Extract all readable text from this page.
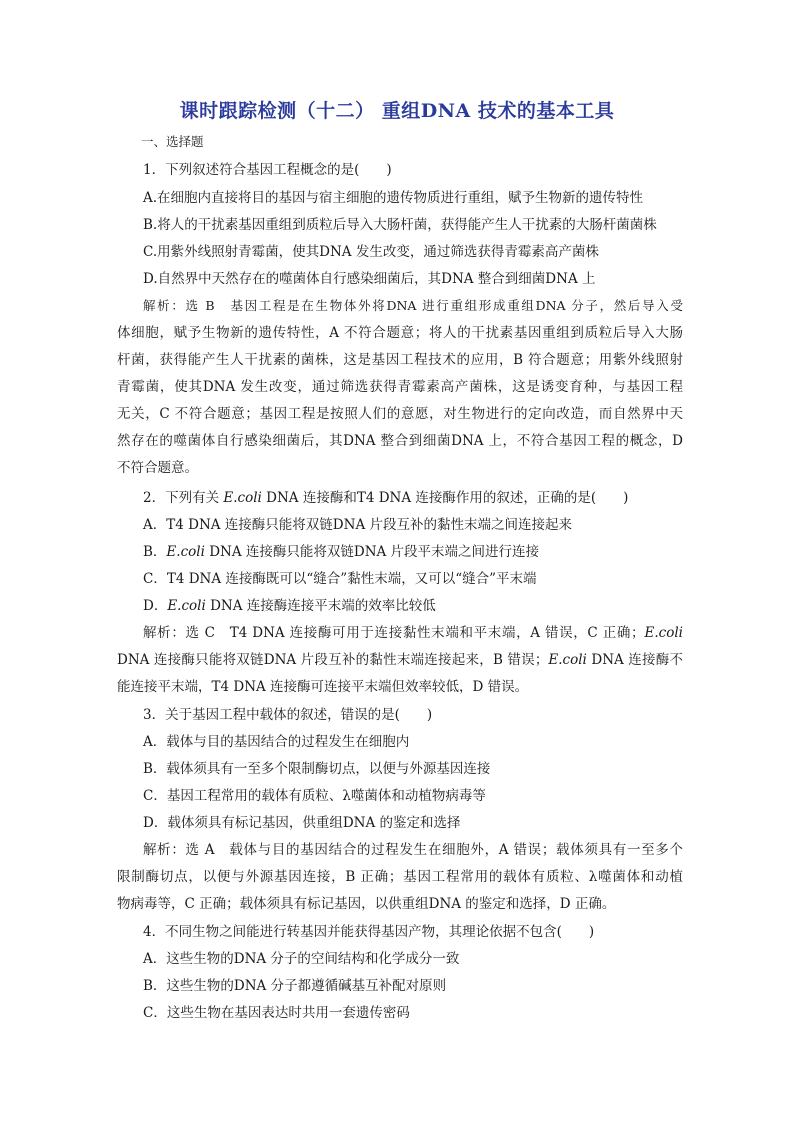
课时跟踪检测（十二） 重组DNA 技术的基本工具
一、选择题
1．下列叙述符合基因工程概念的是(　　)
A.在细胞内直接将目的基因与宿主细胞的遗传物质进行重组，赋予生物新的遗传特性
B.将人的干扰素基因重组到质粒后导入大肠杆菌，获得能产生人干扰素的大肠杆菌菌株
C.用紫外线照射青霉菌，使其DNA 发生改变，通过筛选获得青霉素高产菌株
D.自然界中天然存在的噬菌体自行感染细菌后，其DNA 整合到细菌DNA 上
解析：选 B　基因工程是在生物体外将DNA 进行重组形成重组DNA 分子，然后导入受
体细胞，赋予生物新的遗传特性，A 不符合题意；将人的干扰素基因重组到质粒后导入大肠
杆菌，获得能产生人干扰素的菌株，这是基因工程技术的应用，B 符合题意；用紫外线照射
青霉菌，使其DNA 发生改变，通过筛选获得青霉素高产菌株，这是诱变育种，与基因工程
无关，C 不符合题意；基因工程是按照人们的意愿，对生物进行的定向改造，而自然界中天
然存在的噬菌体自行感染细菌后，其DNA 整合到细菌DNA 上，不符合基因工程的概念，D
不符合题意。
2．下列有关 E.coli DNA 连接酶和T4 DNA 连接酶作用的叙述，正确的是(　　)
A．T4 DNA 连接酶只能将双链DNA 片段互补的黏性末端之间连接起来
B．E.coli DNA 连接酶只能将双链DNA 片段平末端之间进行连接
C．T4 DNA 连接酶既可以“缝合”黏性末端，又可以“缝合”平末端
D．E.coli DNA 连接酶连接平末端的效率比较低
解析：选 C　T4 DNA 连接酶可用于连接黏性末端和平末端，A 错误，C 正确；E.coli
DNA 连接酶只能将双链DNA 片段互补的黏性末端连接起来，B 错误；E.coli DNA 连接酶不
能连接平末端，T4 DNA 连接酶可连接平末端但效率较低，D 错误。
3．关于基因工程中载体的叙述，错误的是(　　)
A．载体与目的基因结合的过程发生在细胞内
B．载体须具有一至多个限制酶切点，以便与外源基因连接
C．基因工程常用的载体有质粒、λ噬菌体和动植物病毒等
D．载体须具有标记基因，供重组DNA 的鉴定和选择
解析：选 A　载体与目的基因结合的过程发生在细胞外，A 错误；载体须具有一至多个
限制酶切点，以便与外源基因连接，B 正确；基因工程常用的载体有质粒、λ噬菌体和动植
物病毒等，C 正确；载体须具有标记基因，以供重组DNA 的鉴定和选择，D 正确。
4．不同生物之间能进行转基因并能获得基因产物，其理论依据不包含(　　)
A．这些生物的DNA 分子的空间结构和化学成分一致
B．这些生物的DNA 分子都遵循碱基互补配对原则
C．这些生物在基因表达时共用一套遗传密码
